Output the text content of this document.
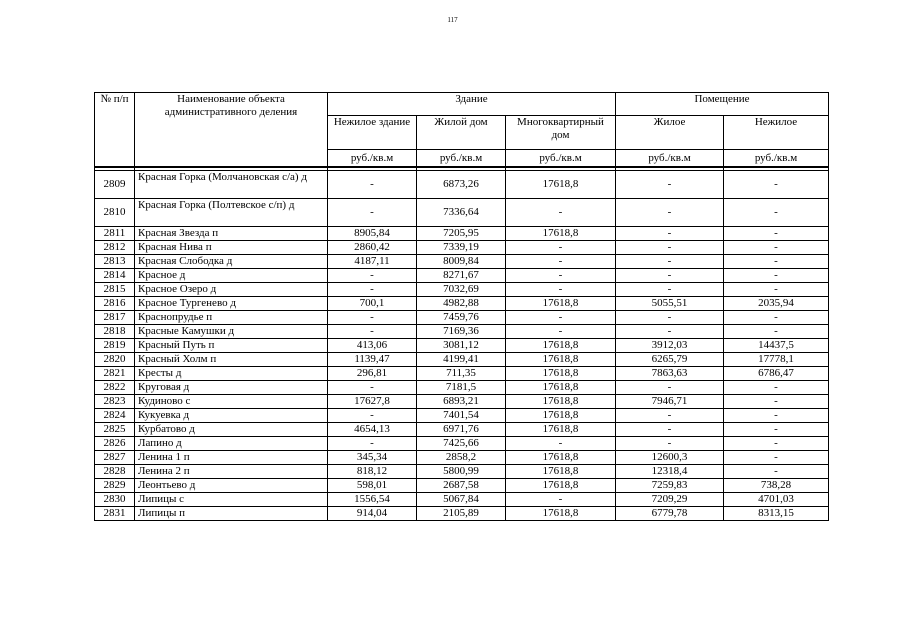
117
№ п/п	Наименование объекта административного деления	Здание			Помещение	
		Нежилое здание	Жилой дом	Многоквартирный дом	Жилое	Нежилое
		руб./кв.м	руб./кв.м	руб./кв.м	руб./кв.м	руб./кв.м

2809	Красная Горка (Молчановская с/а) д	-	6873,26	17618,8	-	-
2810	Красная Горка (Полтевское с/п) д	-	7336,64	-	-	-
2811	Красная Звезда п	8905,84	7205,95	17618,8	-	-
2812	Красная Нива п	2860,42	7339,19	-	-	-
2813	Красная Слободка д	4187,11	8009,84	-	-	-
2814	Красное д	-	8271,67	-	-	-
2815	Красное Озеро д	-	7032,69	-	-	-
2816	Красное Тургенево д	700,1	4982,88	17618,8	5055,51	2035,94
2817	Краснопрудье п	-	7459,76	-	-	-
2818	Красные Камушки д	-	7169,36	-	-	-
2819	Красный Путь п	413,06	3081,12	17618,8	3912,03	14437,5
2820	Красный Холм п	1139,47	4199,41	17618,8	6265,79	17778,1
2821	Кресты д	296,81	711,35	17618,8	7863,63	6786,47
2822	Круговая д	-	7181,5	17618,8	-	-
2823	Кудиново с	17627,8	6893,21	17618,8	7946,71	-
2824	Кукуевка д	-	7401,54	17618,8	-	-
2825	Курбатово д	4654,13	6971,76	17618,8	-	-
2826	Лапино д	-	7425,66	-	-	-
2827	Ленина 1 п	345,34	2858,2	17618,8	12600,3	-
2828	Ленина 2 п	818,12	5800,99	17618,8	12318,4	-
2829	Леонтьево д	598,01	2687,58	17618,8	7259,83	738,28
2830	Липицы с	1556,54	5067,84	-	7209,29	4701,03
2831	Липицы п	914,04	2105,89	17618,8	6779,78	8313,15
